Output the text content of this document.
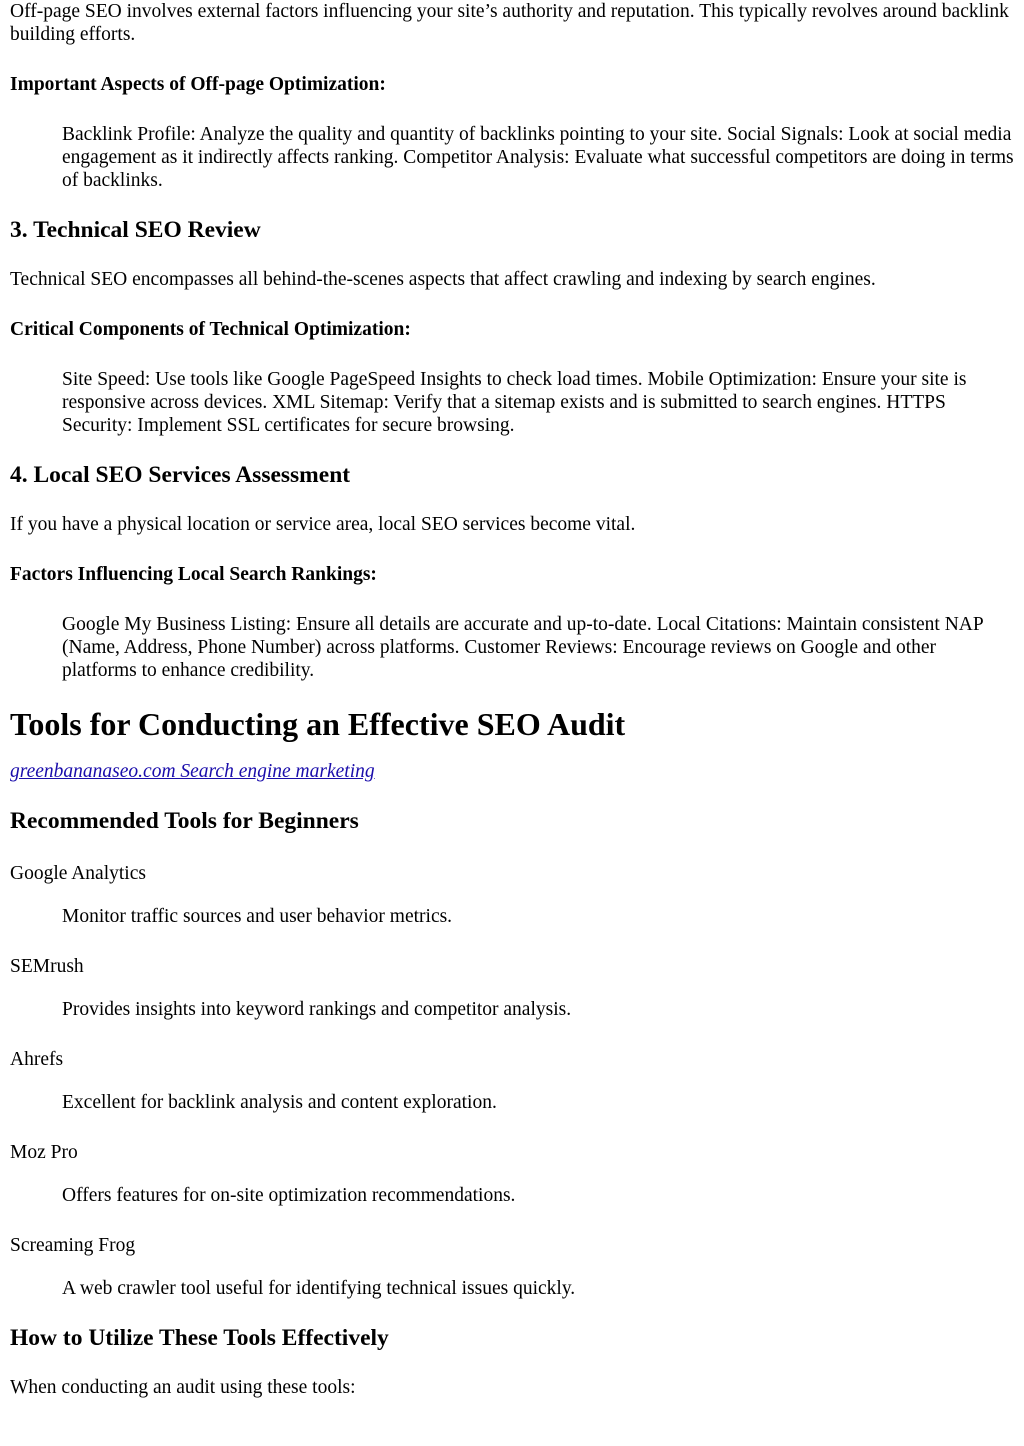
Off-page SEO involves external factors influencing your site’s authority and reputation. This typically revolves around backlink building efforts.

Important Aspects of Off-page Optimization:

Backlink Profile: Analyze the quality and quantity of backlinks pointing to your site. Social Signals: Look at social media engagement as it indirectly affects ranking. Competitor Analysis: Evaluate what successful competitors are doing in terms of backlinks.
3. Technical SEO Review

Technical SEO encompasses all behind-the-scenes aspects that affect crawling and indexing by search engines.

Critical Components of Technical Optimization:

Site Speed: Use tools like Google PageSpeed Insights to check load times. Mobile Optimization: Ensure your site is responsive across devices. XML Sitemap: Verify that a sitemap exists and is submitted to search engines. HTTPS Security: Implement SSL certificates for secure browsing.
4. Local SEO Services Assessment

If you have a physical location or service area, local SEO services become vital.

Factors Influencing Local Search Rankings:

Google My Business Listing: Ensure all details are accurate and up-to-date. Local Citations: Maintain consistent NAP (Name, Address, Phone Number) across platforms. Customer Reviews: Encourage reviews on Google and other platforms to enhance credibility.
Tools for Conducting an Effective SEO Audit

greenbananaseo.com Search engine marketing

Recommended Tools for Beginners

Google Analytics

Monitor traffic sources and user behavior metrics.

SEMrush

Provides insights into keyword rankings and competitor analysis.

Ahrefs

Excellent for backlink analysis and content exploration.

Moz Pro

Offers features for on-site optimization recommendations.

Screaming Frog

A web crawler tool useful for identifying technical issues quickly.
How to Utilize These Tools Effectively

When conducting an audit using these tools:
